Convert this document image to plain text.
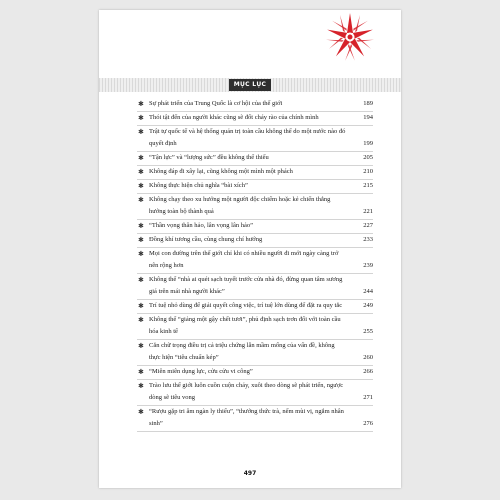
MỤC LỤC
✱ Sự phát triển của Trung Quốc là cơ hội của thế giới	189
✱ Thói tật đến của người khác cũng sẽ đốt cháy rào của chính mình	194
✱ Trật tự quốc tế và hệ thống quản trị toàn cầu không thể do một nước nào đó quyết định	199
✱ “Tận lực” và “lượng sức” đều không thể thiếu	205
✱ Không đáp đi xây lại, cũng không một mình một phách	210
✱ Không thực hiện chủ nghĩa “bài xích”	215
✱ Không chạy theo xu hướng một người độc chiếm hoặc kẻ chiến thắng hưởng toàn bộ thành quả	221
✱ “Thần vọng thân hảo, lân vọng lân hảo”	227
✱ Đồng khí tương cầu, cùng chung chí hướng	233
✱ Mọi con đường trên thế giới chỉ khi có nhiều người đi mới ngày càng trở nên rộng hơn	239
✱ Không thể “nhà ai quét sạch tuyết trước cửa nhà đó, đừng quan tâm sương giá trên mái nhà người khác”	244
✱ Trí tuệ nhỏ dùng để giải quyết công việc, trí tuệ lớn dùng để đặt ra quy tắc	249
✱ Không thể “giảng một gậy chết tươi”, phủ định sạch trơn đối với toàn cầu hóa kinh tế	255
✱ Căn chữ trọng điều trị cả triệu chứng lẫn mầm mống của vấn đề, không thực hiện “tiêu chuẩn kép”	260
✱ “Miên miên dụng lực, cửu cửu vi công”	266
✱ Trào lưu thế giới luôn cuồn cuộn chảy, xuôi theo dòng sẽ phát triển, ngược dòng sẽ tiêu vong	271
✱ “Rượu gặp tri âm ngàn ly thiếu”, “thưởng thức trà, nếm mùi vị, ngắm nhân sinh”	276
497
